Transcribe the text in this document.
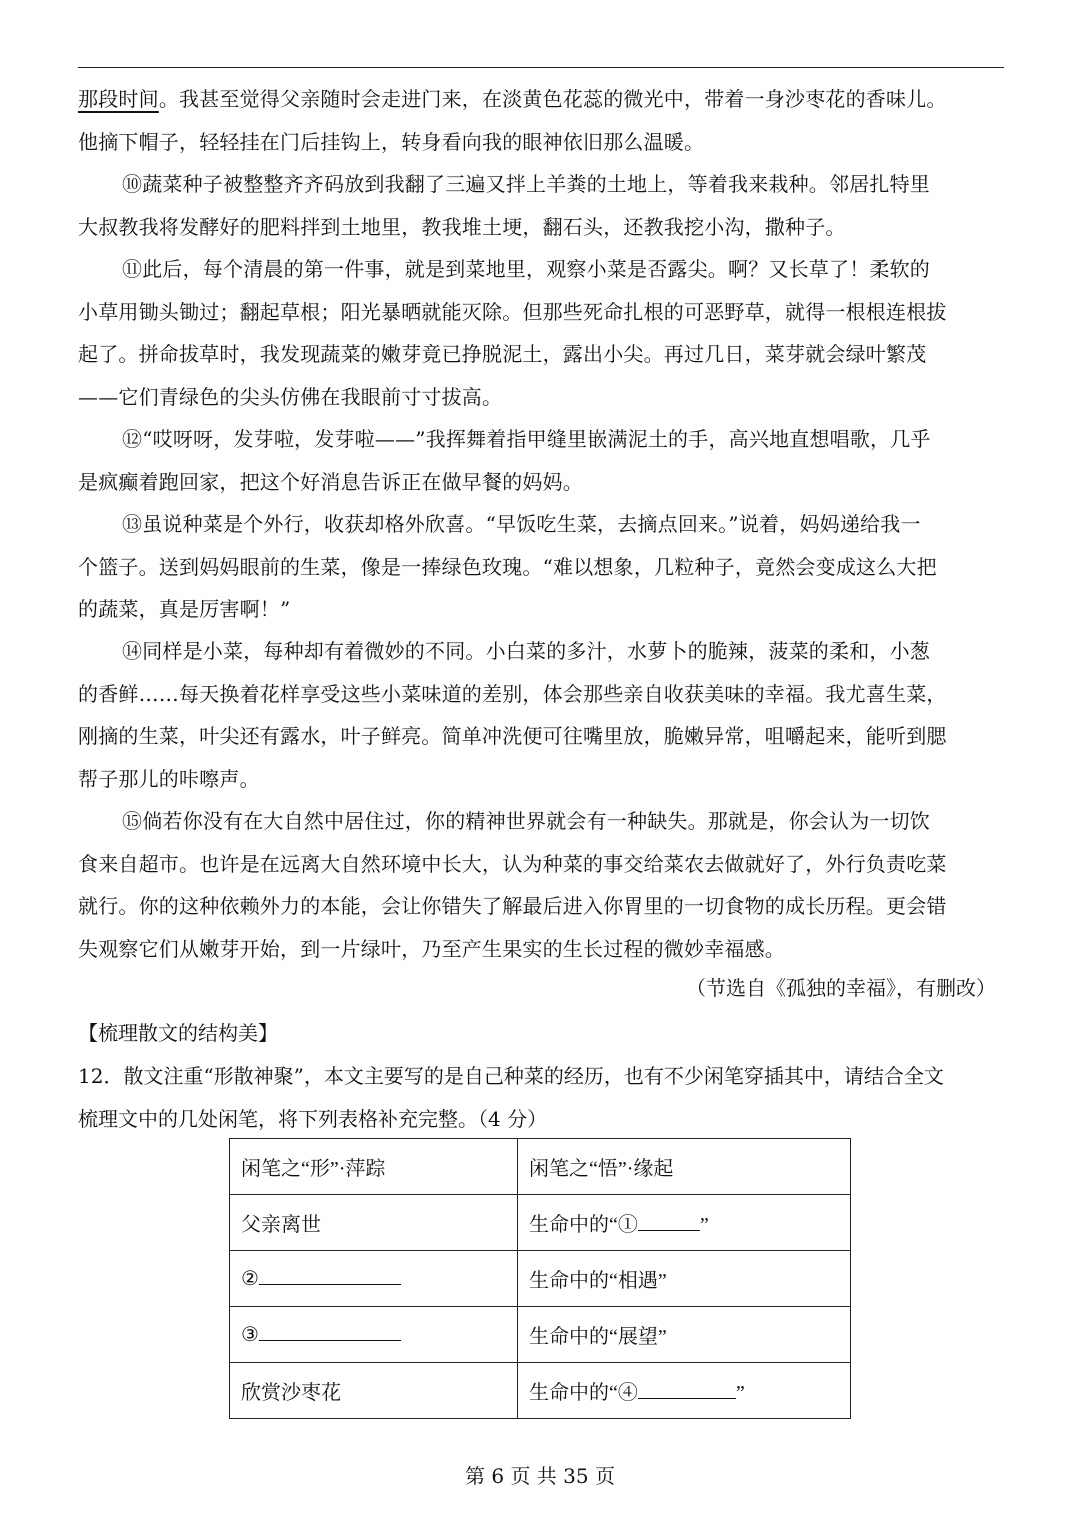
那段时间。我甚至觉得父亲随时会走进门来，在淡黄色花蕊的微光中，带着一身沙枣花的香味儿。
他摘下帽子，轻轻挂在门后挂钩上，转身看向我的眼神依旧那么温暖。
⑩蔬菜种子被整整齐齐码放到我翻了三遍又拌上羊粪的土地上，等着我来栽种。邻居扎特里
大叔教我将发酵好的肥料拌到土地里，教我堆土埂，翻石头，还教我挖小沟，撒种子。
⑪此后，每个清晨的第一件事，就是到菜地里，观察小菜是否露尖。啊？又长草了！柔软的
小草用锄头锄过；翻起草根；阳光暴晒就能灭除。但那些死命扎根的可恶野草，就得一根根连根拔
起了。拼命拔草时，我发现蔬菜的嫩芽竟已挣脱泥土，露出小尖。再过几日，菜芽就会绿叶繁茂
——它们青绿色的尖头仿佛在我眼前寸寸拔高。
⑫“哎呀呀，发芽啦，发芽啦——”我挥舞着指甲缝里嵌满泥土的手，高兴地直想唱歌，几乎
是疯癫着跑回家，把这个好消息告诉正在做早餐的妈妈。
⑬虽说种菜是个外行，收获却格外欣喜。“早饭吃生菜，去摘点回来。”说着，妈妈递给我一
个篮子。送到妈妈眼前的生菜，像是一捧绿色玫瑰。“难以想象，几粒种子，竟然会变成这么大把
的蔬菜，真是厉害啊！”
⑭同样是小菜，每种却有着微妙的不同。小白菜的多汁，水萝卜的脆辣，菠菜的柔和，小葱
的香鲜……每天换着花样享受这些小菜味道的差别，体会那些亲自收获美味的幸福。我尤喜生菜，
刚摘的生菜，叶尖还有露水，叶子鲜亮。简单冲洗便可往嘴里放，脆嫩异常，咀嚼起来，能听到腮
帮子那儿的咔嚓声。
⑮倘若你没有在大自然中居住过，你的精神世界就会有一种缺失。那就是，你会认为一切饮
食来自超市。也许是在远离大自然环境中长大，认为种菜的事交给菜农去做就好了，外行负责吃菜
就行。你的这种依赖外力的本能，会让你错失了解最后进入你胃里的一切食物的成长历程。更会错
失观察它们从嫩芽开始，到一片绿叶，乃至产生果实的生长过程的微妙幸福感。
（节选自《孤独的幸福》，有删改）
【梳理散文的结构美】
12．散文注重“形散神聚”，本文主要写的是自己种菜的经历，也有不少闲笔穿插其中，请结合全文
梳理文中的几处闲笔，将下列表格补充完整。（4 分）
闲笔之“形”·萍踪	闲笔之“悟”·缘起
父亲离世	生命中的“① ”
②	生命中的“相遇”
③	生命中的“展望”
欣赏沙枣花	生命中的“④ ”
第 6 页 共 35 页
